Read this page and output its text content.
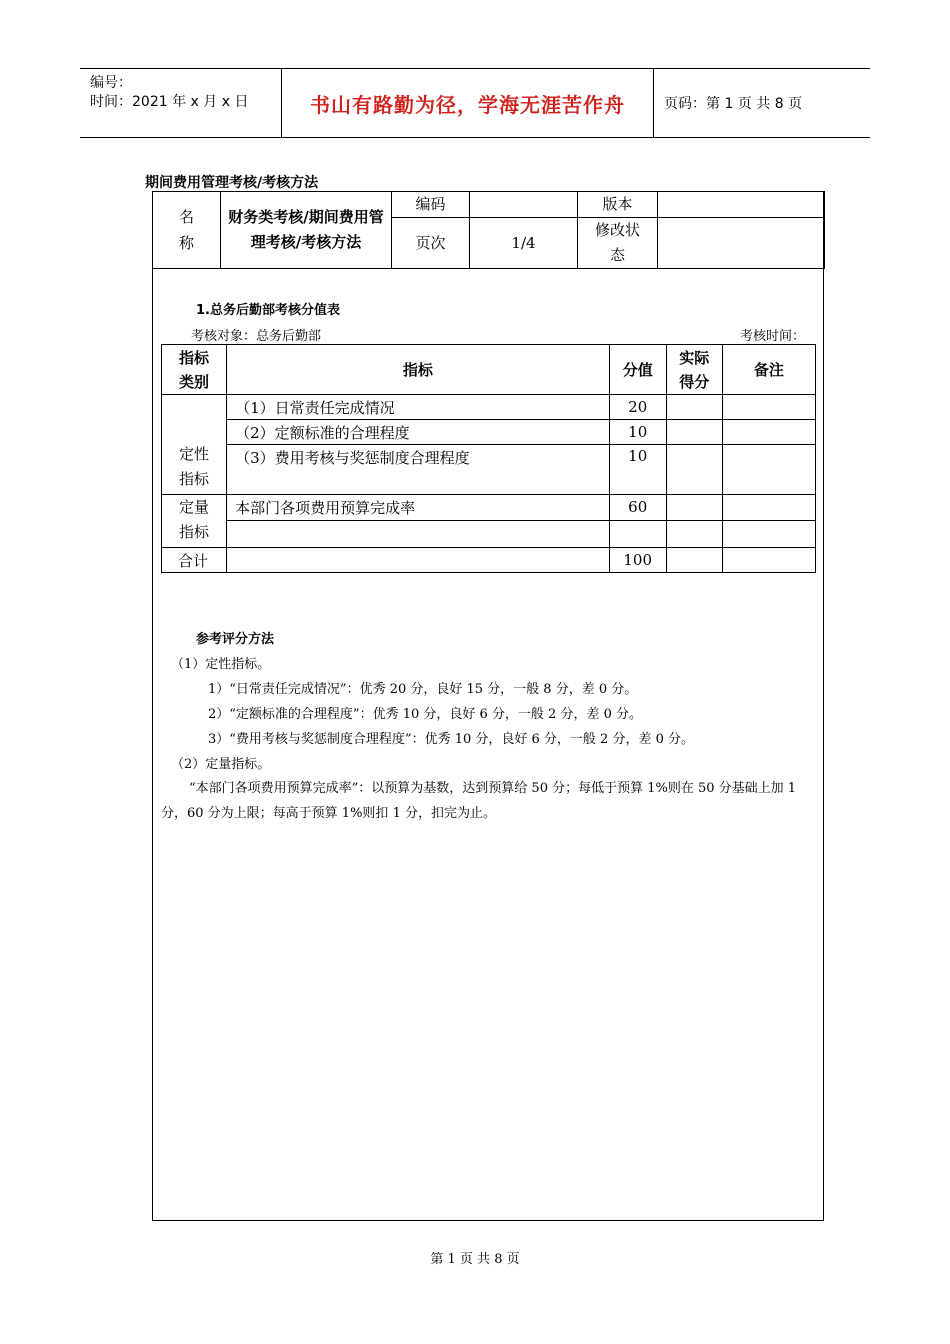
编号：
时间：2021 年 x 月 x 日	书山有路勤为径，学海无涯苦作舟	页码：第 1 页 共 8 页
期间费用管理考核/考核方法
名称	财务类考核/期间费用管理考核/考核方法	编码		版本	
		页次	1/4	修改状态	

1.总务后勤部考核分值表
考核对象：总务后勤部	考核时间：
指标类别	指标	分值	实际得分	备注

定性指标	（1）日常责任完成情况	20		
	（2）定额标准的合理程度	10		
	（3）费用考核与奖惩制度合理程度	10		

定量指标	本部门各项费用预算完成率	60		

合计		100		
参考评分方法
（1）定性指标。
1）“日常责任完成情况”：优秀 20 分，良好 15 分，一般 8 分，差 0 分。
2）“定额标准的合理程度”：优秀 10 分，良好 6 分，一般 2 分，差 0 分。
3）“费用考核与奖惩制度合理程度”：优秀 10 分，良好 6 分，一般 2 分，差 0 分。
（2）定量指标。
“本部门各项费用预算完成率”：以预算为基数，达到预算给 50 分；每低于预算 1%则在 50 分基础上加 1 分，60 分为上限；每高于预算 1%则扣 1 分，扣完为止。
第 1 页 共 8 页
